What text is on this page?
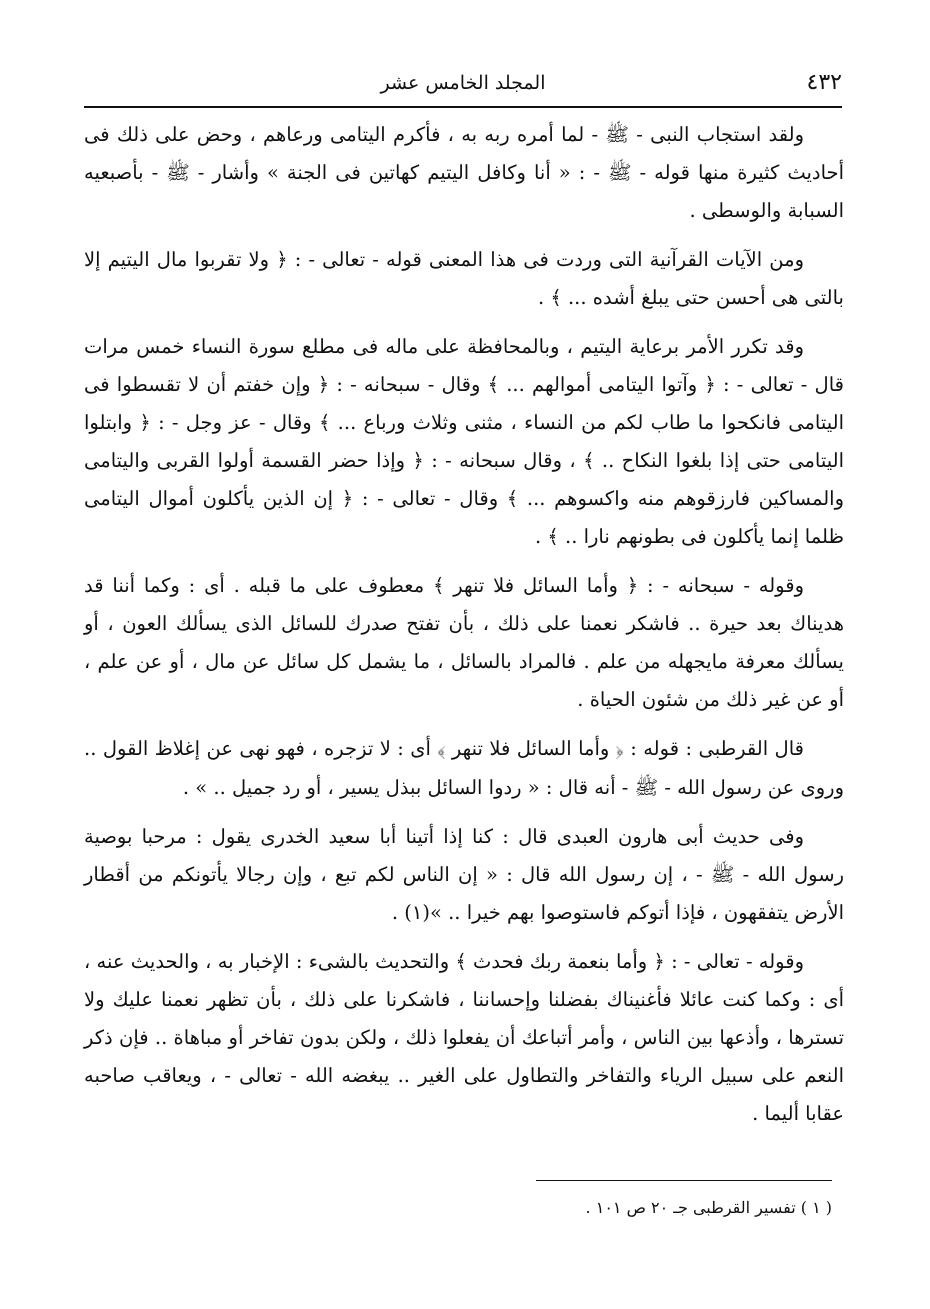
٤٣٢
المجلد الخامس عشر

ولقد استجاب النبى - ﷺ - لما أمره ربه به ، فأكرم اليتامى ورعاهم ، وحض على ذلك فى أحاديث كثيرة منها قوله - ﷺ - : « أنا وكافل اليتيم كهاتين فى الجنة » وأشار - ﷺ - بأصبعيه السبابة والوسطى .

ومن الآيات القرآنية التى وردت فى هذا المعنى قوله - تعالى - : ﴿ ولا تقربوا مال اليتيم إلا بالتى هى أحسن حتى يبلغ أشده ... ﴾ .

وقد تكرر الأمر برعاية اليتيم ، وبالمحافظة على ماله فى مطلع سورة النساء خمس مرات قال - تعالى - : ﴿ وآتوا اليتامى أموالهم ... ﴾ وقال - سبحانه - : ﴿ وإن خفتم أن لا تقسطوا فى اليتامى فانكحوا ما طاب لكم من النساء ، مثنى وثلاث ورباع ... ﴾ وقال - عز وجل - : ﴿ وابتلوا اليتامى حتى إذا بلغوا النكاح .. ﴾ ، وقال سبحانه - : ﴿ وإذا حضر القسمة أولوا القربى واليتامى والمساكين فارزقوهم منه واكسوهم ... ﴾ وقال - تعالى - : ﴿ إن الذين يأكلون أموال اليتامى ظلما إنما يأكلون فى بطونهم نارا .. ﴾ .

وقوله - سبحانه - : ﴿ وأما السائل فلا تنهر ﴾ معطوف على ما قبله . أى : وكما أننا قد هديناك بعد حيرة .. فاشكر نعمنا على ذلك ، بأن تفتح صدرك للسائل الذى يسألك العون ، أو يسألك معرفة مايجهله من علم . فالمراد بالسائل ، ما يشمل كل سائل عن مال ، أو عن علم ، أو عن غير ذلك من شئون الحياة .

قال القرطبى : قوله : ﴿ وأما السائل فلا تنهر ﴾ أى : لا تزجره ، فهو نهى عن إغلاظ القول .. وروى عن رسول الله - ﷺ - أنه قال : « ردوا السائل ببذل يسير ، أو رد جميل .. » .

وفى حديث أبى هارون العبدى قال : كنا إذا أتينا أبا سعيد الخدرى يقول : مرحبا بوصية رسول الله - ﷺ - ، إن رسول الله قال : « إن الناس لكم تبع ، وإن رجالا يأتونكم من أقطار الأرض يتفقهون ، فإذا أتوكم فاستوصوا بهم خيرا .. »(١) .

وقوله - تعالى - : ﴿ وأما بنعمة ربك فحدث ﴾ والتحديث بالشىء : الإخبار به ، والحديث عنه ، أى : وكما كنت عائلا فأغنيناك بفضلنا وإحساننا ، فاشكرنا على ذلك ، بأن تظهر نعمنا عليك ولا تسترها ، وأذعها بين الناس ، وأمر أتباعك أن يفعلوا ذلك ، ولكن بدون تفاخر أو مباهاة .. فإن ذكر النعم على سبيل الرياء والتفاخر والتطاول على الغير .. يبغضه الله - تعالى - ، ويعاقب صاحبه عقابا أليما .

( ١ ) تفسير القرطبى جـ ٢٠ ص ١٠١ .
